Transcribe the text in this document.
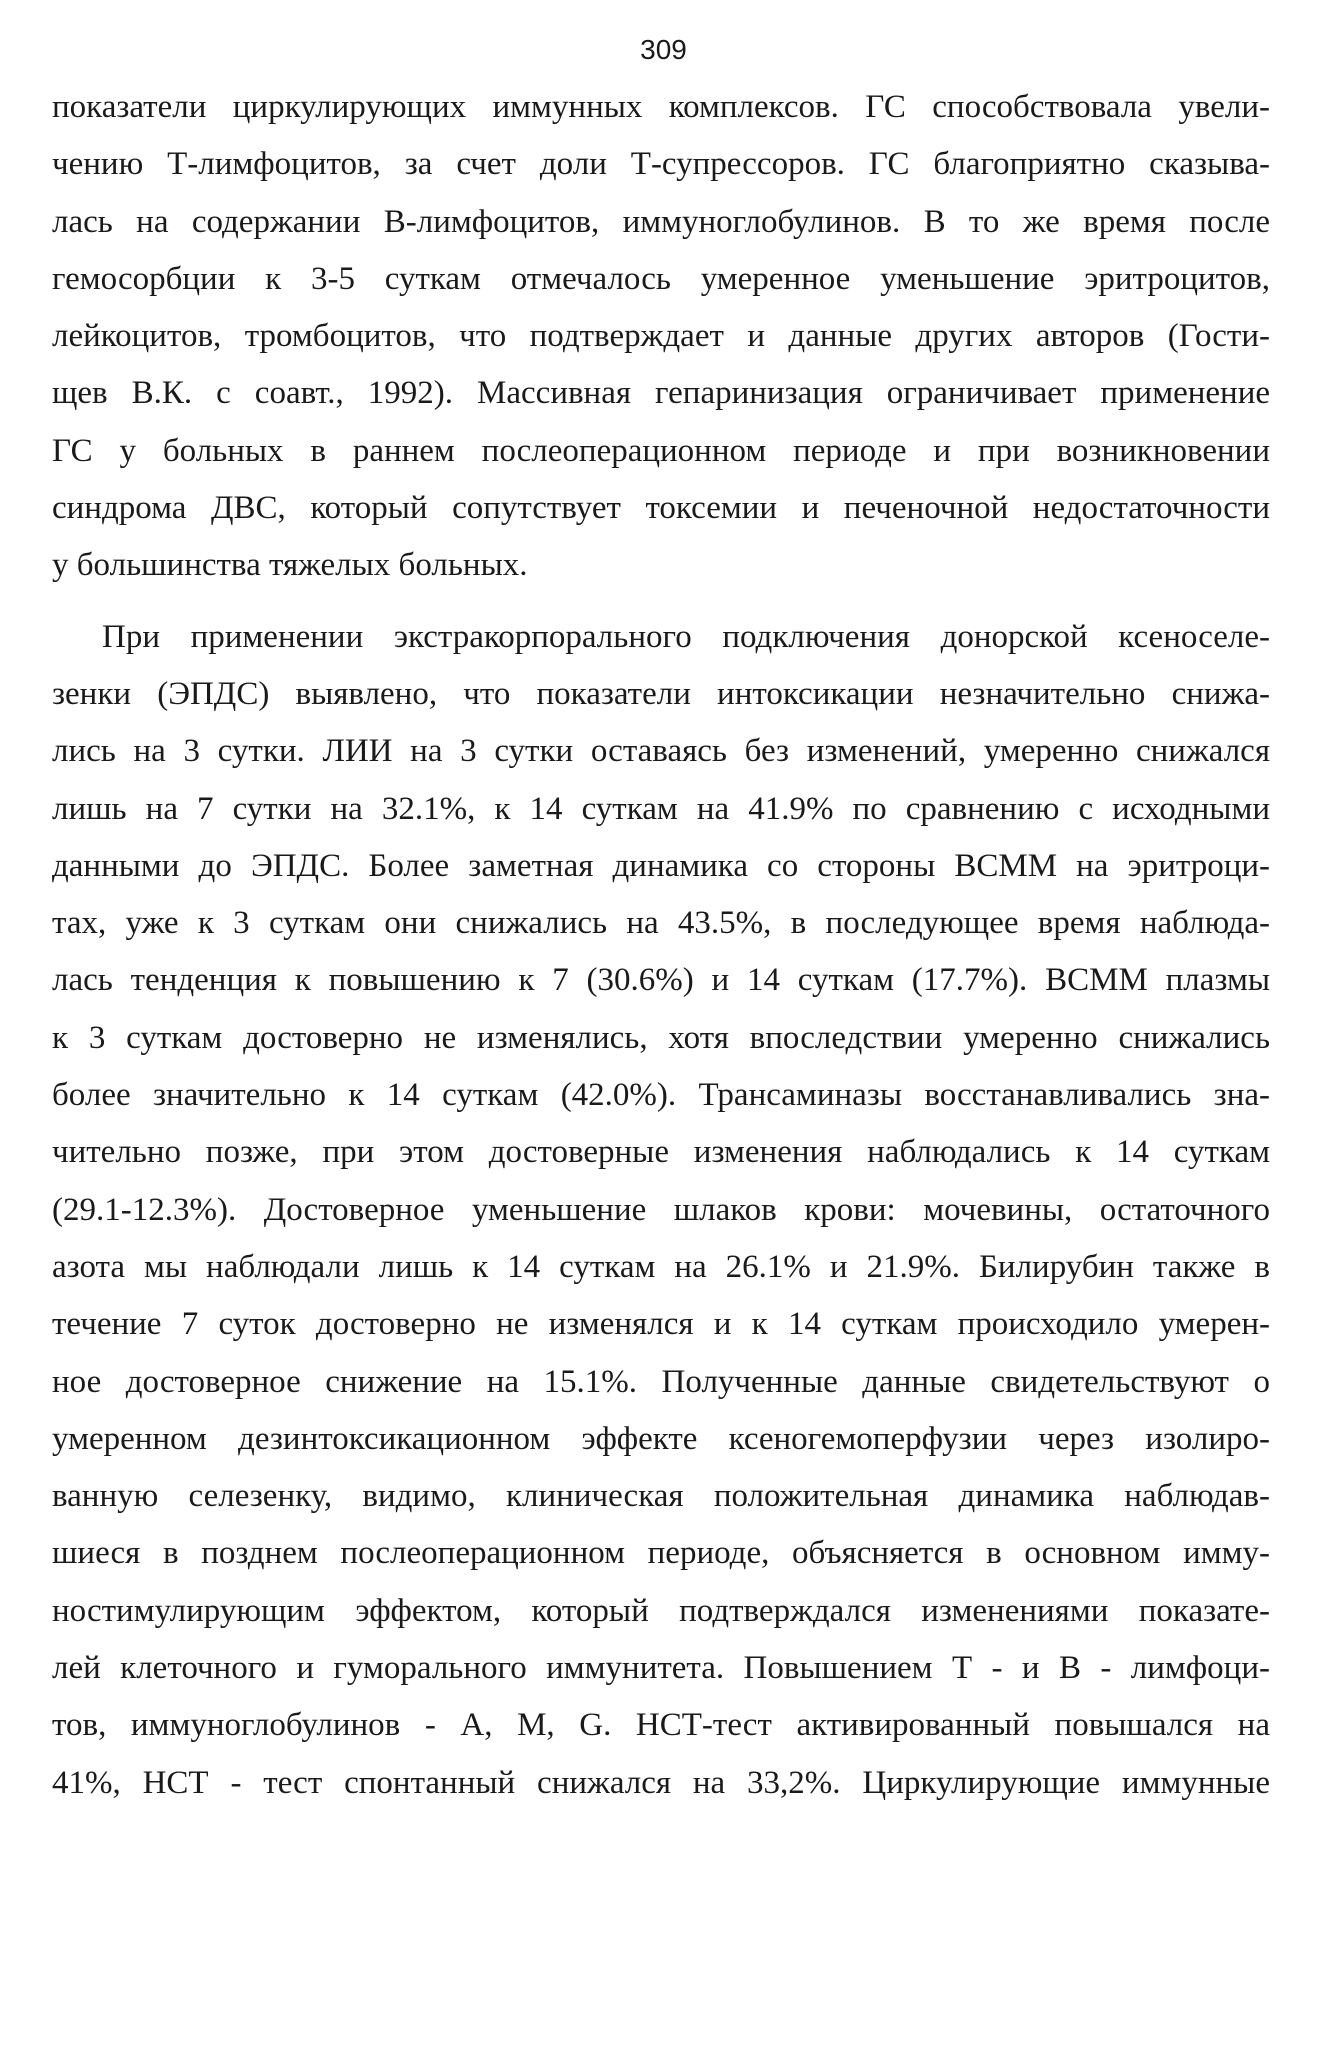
309
показатели циркулирующих иммунных комплексов. ГС способствовала увели-
чению Т-лимфоцитов, за счет доли Т-супрессоров. ГС благоприятно сказыва-
лась на содержании В-лимфоцитов, иммуноглобулинов. В то же время после
гемосорбции к 3-5 суткам отмечалось умеренное уменьшение эритроцитов,
лейкоцитов, тромбоцитов, что подтверждает и данные других авторов (Гости-
щев В.К. с соавт., 1992). Массивная гепаринизация ограничивает применение
ГС у больных в раннем послеоперационном периоде и при возникновении
синдрома ДВС, который сопутствует токсемии и печеночной недостаточности
у большинства тяжелых больных.
При применении экстракорпорального подключения донорской ксеноселе-
зенки (ЭПДС) выявлено, что показатели интоксикации незначительно снижа-
лись на 3 сутки. ЛИИ на 3 сутки оставаясь без изменений, умеренно снижался
лишь на 7 сутки на 32.1%, к 14 суткам на 41.9% по сравнению с исходными
данными до ЭПДС. Более заметная динамика со стороны ВСММ на эритроци-
тах, уже к 3 суткам они снижались на 43.5%, в последующее время наблюда-
лась тенденция к повышению к 7 (30.6%) и 14 суткам (17.7%). ВСММ плазмы
к 3 суткам достоверно не изменялись, хотя впоследствии умеренно снижались
более значительно к 14 суткам (42.0%). Трансаминазы восстанавливались зна-
чительно позже, при этом достоверные изменения наблюдались к 14 суткам
(29.1-12.3%). Достоверное уменьшение шлаков крови: мочевины, остаточного
азота мы наблюдали лишь к 14 суткам на 26.1% и 21.9%. Билирубин также в
течение 7 суток достоверно не изменялся и к 14 суткам происходило умерен-
ное достоверное снижение на 15.1%. Полученные данные свидетельствуют о
умеренном дезинтоксикационном эффекте ксеногемоперфузии через изолиро-
ванную селезенку, видимо, клиническая положительная динамика наблюдав-
шиеся в позднем послеоперационном периоде, объясняется в основном иммy-
ностимулирующим эффектом, который подтверждался изменениями показате-
лей клеточного и гуморального иммунитета. Повышением Т - и В - лимфоци-
тов, иммуноглобулинов - А, М, G. НСТ-тест активированный повышался на
41%, НСТ - тест спонтанный снижался на 33,2%. Циркулирующие иммунные
